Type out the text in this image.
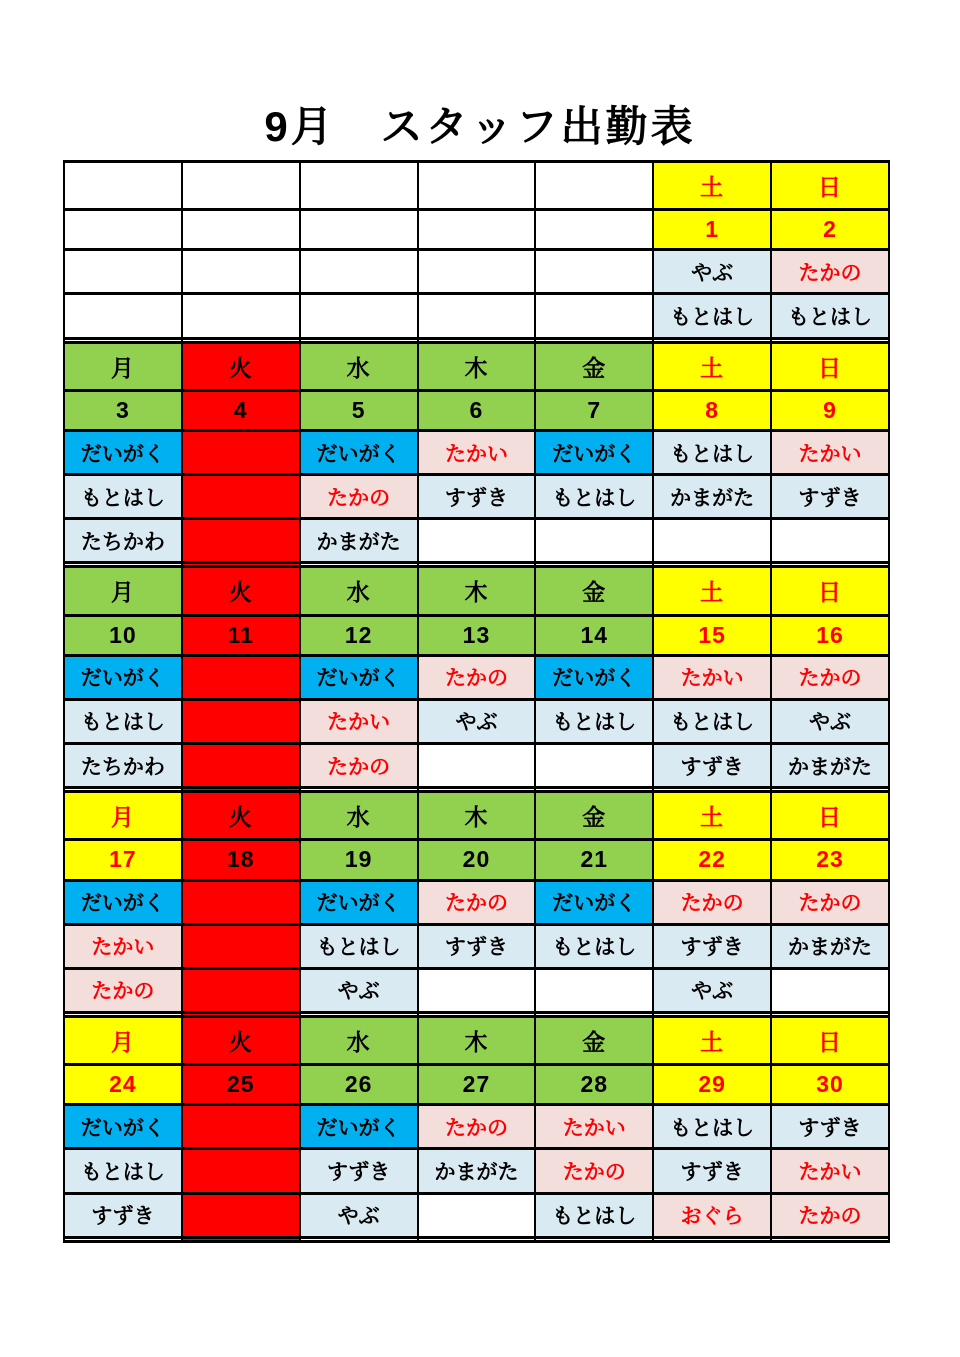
9月　スタッフ出勤表
					土	日
					1	2
					やぶ	たかの
					もとはし	もとはし

月	火	水	木	金	土	日
3	4	5	6	7	8	9
だいがく		だいがく	たかい	だいがく	もとはし	たかい
もとはし		たかの	すずき	もとはし	かまがた	すずき
たちかわ		かまがた				

月	火	水	木	金	土	日
10	11	12	13	14	15	16
だいがく		だいがく	たかの	だいがく	たかい	たかの
もとはし		たかい	やぶ	もとはし	もとはし	やぶ
たちかわ		たかの			すずき	かまがた

月	火	水	木	金	土	日
17	18	19	20	21	22	23
だいがく		だいがく	たかの	だいがく	たかの	たかの
たかい		もとはし	すずき	もとはし	すずき	かまがた
たかの		やぶ			やぶ	

月	火	水	木	金	土	日
24	25	26	27	28	29	30
だいがく		だいがく	たかの	たかい	もとはし	すずき
もとはし		すずき	かまがた	たかの	すずき	たかい
すずき		やぶ		もとはし	おぐら	たかの
